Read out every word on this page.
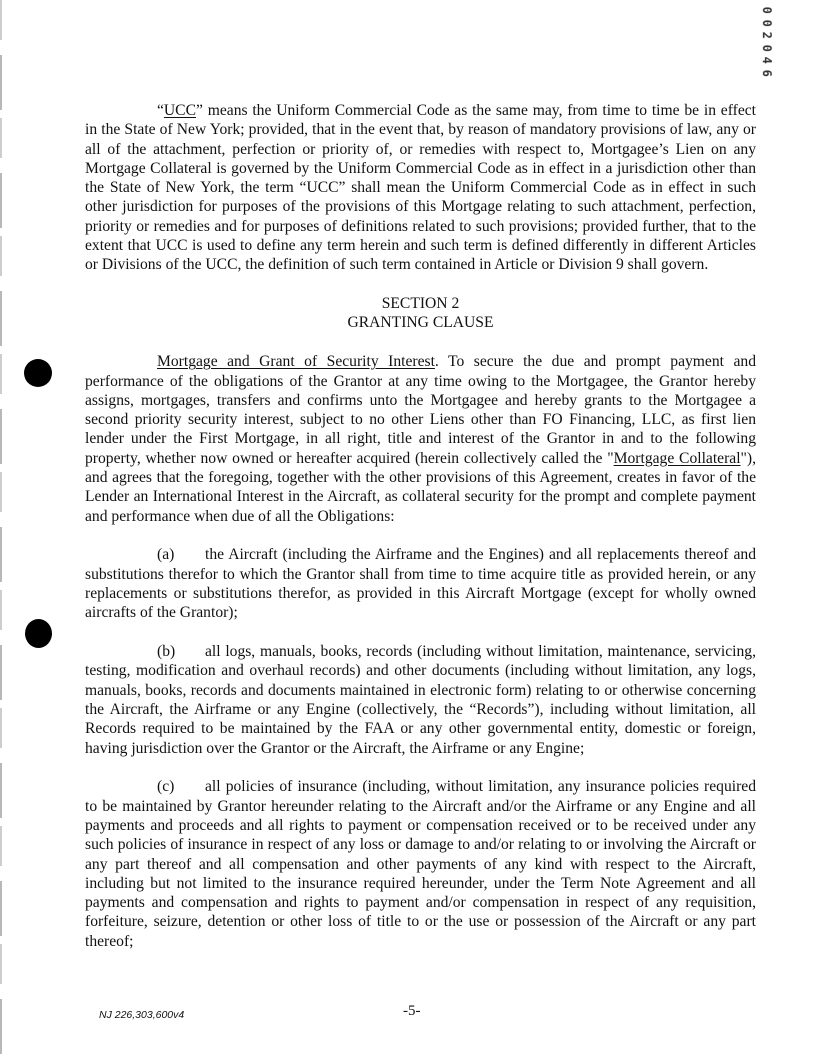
0
0
2
0
4
6

“UCC” means the Uniform Commercial Code as the same may, from time to time be in effect in the State of New York; provided, that in the event that, by reason of mandatory provisions of law, any or all of the attachment, perfection or priority of, or remedies with respect to, Mortgagee’s Lien on any Mortgage Collateral is governed by the Uniform Commercial Code as in effect in a jurisdiction other than the State of New York, the term “UCC” shall mean the Uniform Commercial Code as in effect in such other jurisdiction for purposes of the provisions of this Mortgage relating to such attachment, perfection, priority or remedies and for purposes of definitions related to such provisions; provided further, that to the extent that UCC is used to define any term herein and such term is defined differently in different Articles or Divisions of the UCC, the definition of such term contained in Article or Division 9 shall govern.

SECTION 2
GRANTING CLAUSE

Mortgage and Grant of Security Interest. To secure the due and prompt payment and performance of the obligations of the Grantor at any time owing to the Mortgagee, the Grantor hereby assigns, mortgages, transfers and confirms unto the Mortgagee and hereby grants to the Mortgagee a second priority security interest, subject to no other Liens other than FO Financing, LLC, as first lien lender under the First Mortgage, in all right, title and interest of the Grantor in and to the following property, whether now owned or hereafter acquired (herein collectively called the "Mortgage Collateral"), and agrees that the foregoing, together with the other provisions of this Agreement, creates in favor of the Lender an International Interest in the Aircraft, as collateral security for the prompt and complete payment and performance when due of all the Obligations:

(a) the Aircraft (including the Airframe and the Engines) and all replacements thereof and substitutions therefor to which the Grantor shall from time to time acquire title as provided herein, or any replacements or substitutions therefor, as provided in this Aircraft Mortgage (except for wholly owned aircrafts of the Grantor);

(b) all logs, manuals, books, records (including without limitation, maintenance, servicing, testing, modification and overhaul records) and other documents (including without limitation, any logs, manuals, books, records and documents maintained in electronic form) relating to or otherwise concerning the Aircraft, the Airframe or any Engine (collectively, the “Records”), including without limitation, all Records required to be maintained by the FAA or any other governmental entity, domestic or foreign, having jurisdiction over the Grantor or the Aircraft, the Airframe or any Engine;

(c) all policies of insurance (including, without limitation, any insurance policies required to be maintained by Grantor hereunder relating to the Aircraft and/or the Airframe or any Engine and all payments and proceeds and all rights to payment or compensation received or to be received under any such policies of insurance in respect of any loss or damage to and/or relating to or involving the Aircraft or any part thereof and all compensation and other payments of any kind with respect to the Aircraft, including but not limited to the insurance required hereunder, under the Term Note Agreement and all payments and compensation and rights to payment and/or compensation in respect of any requisition, forfeiture, seizure, detention or other loss of title to or the use or possession of the Aircraft or any part thereof;

NJ 226,303,600v4	-5-
